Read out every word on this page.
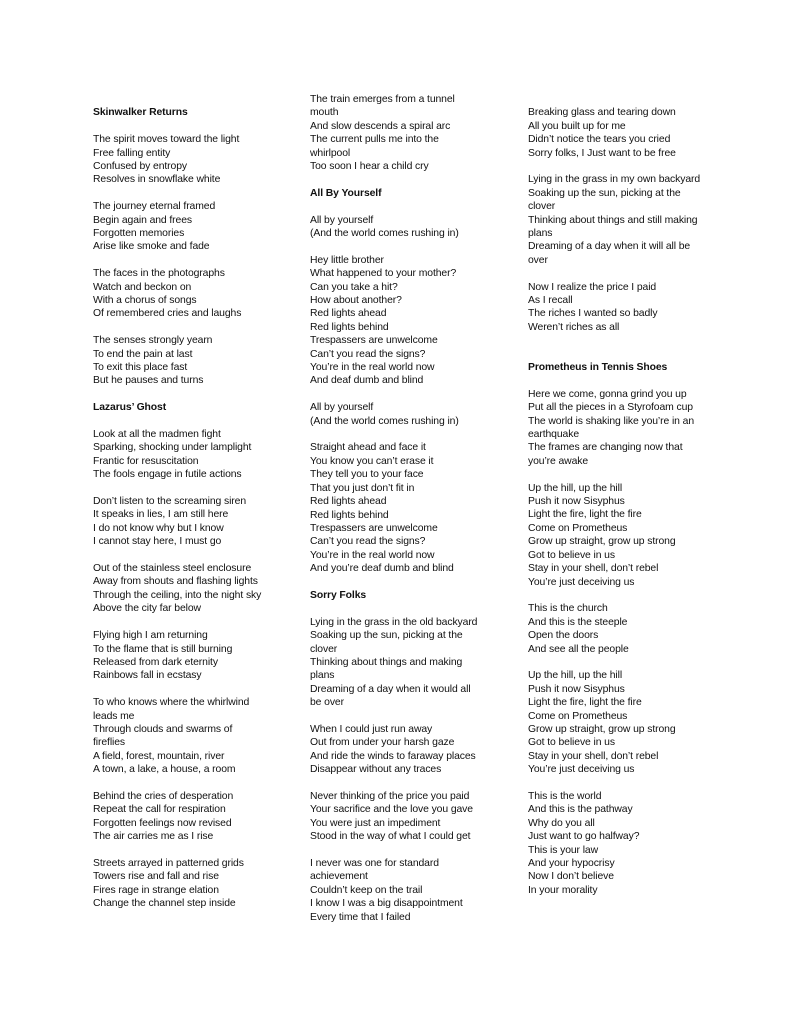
Skinwalker Returns
The spirit moves toward the light
Free falling entity
Confused by entropy
Resolves in snowflake white
The journey eternal framed
Begin again and frees
Forgotten memories
Arise like smoke and fade
The faces in the photographs
Watch and beckon on
With a chorus of songs
Of remembered cries and laughs
The senses strongly yearn
To end the pain at last
To exit this place fast
But he pauses and turns
Lazarus’ Ghost
Look at all the madmen fight
Sparking, shocking under lamplight
Frantic for resuscitation
The fools engage in futile actions
Don’t listen to the screaming siren
It speaks in lies, I am still here
I do not know why but I know
I cannot stay here, I must go
Out of the stainless steel enclosure
Away from shouts and flashing lights
Through the ceiling, into the night sky
Above the city far below
Flying high I am returning
To the flame that is still burning
Released from dark eternity
Rainbows fall in ecstasy
To who knows where the whirlwind
leads me
Through clouds and swarms of
fireflies
A field, forest, mountain, river
A town, a lake, a house, a room
Behind the cries of desperation
Repeat the call for respiration
Forgotten feelings now revised
The air carries me as I rise
Streets arrayed in patterned grids
Towers rise and fall and rise
Fires rage in strange elation
Change the channel step inside
The train emerges from a tunnel
mouth
And slow descends a spiral arc
The current pulls me into the
whirlpool
Too soon I hear a child cry
All By Yourself
All by yourself
(And the world comes rushing in)
Hey little brother
What happened to your mother?
Can you take a hit?
How about another?
Red lights ahead
Red lights behind
Trespassers are unwelcome
Can’t you read the signs?
You’re in the real world now
And deaf dumb and blind
All by yourself
(And the world comes rushing in)
Straight ahead and face it
You know you can’t erase it
They tell you to your face
That you just don’t fit in
Red lights ahead
Red lights behind
Trespassers are unwelcome
Can’t you read the signs?
You’re in the real world now
And you’re deaf dumb and blind
Sorry Folks
Lying in the grass in the old backyard
Soaking up the sun, picking at the
clover
Thinking about things and making
plans
Dreaming of a day when it would all
be over
When I could just run away
Out from under your harsh gaze
And ride the winds to faraway places
Disappear without any traces
Never thinking of the price you paid
Your sacrifice and the love you gave
You were just an impediment
Stood in the way of what I could get
I never was one for standard
achievement
Couldn’t keep on the trail
I know I was a big disappointment
Every time that I failed
Breaking glass and tearing down
All you built up for me
Didn’t notice the tears you cried
Sorry folks, I Just want to be free
Lying in the grass in my own backyard
Soaking up the sun, picking at the
clover
Thinking about things and still making
plans
Dreaming of a day when it will all be
over
Now I realize the price I paid
As I recall
The riches I wanted so badly
Weren’t riches as all
Prometheus in Tennis Shoes
Here we come, gonna grind you up
Put all the pieces in a Styrofoam cup
The world is shaking like you’re in an
earthquake
The frames are changing now that
you’re awake
Up the hill, up the hill
Push it now Sisyphus
Light the fire, light the fire
Come on Prometheus
Grow up straight, grow up strong
Got to believe in us
Stay in your shell, don’t rebel
You’re just deceiving us
This is the church
And this is the steeple
Open the doors
And see all the people
Up the hill, up the hill
Push it now Sisyphus
Light the fire, light the fire
Come on Prometheus
Grow up straight, grow up strong
Got to believe in us
Stay in your shell, don’t rebel
You’re just deceiving us
This is the world
And this is the pathway
Why do you all
Just want to go halfway?
This is your law
And your hypocrisy
Now I don’t believe
In your morality
